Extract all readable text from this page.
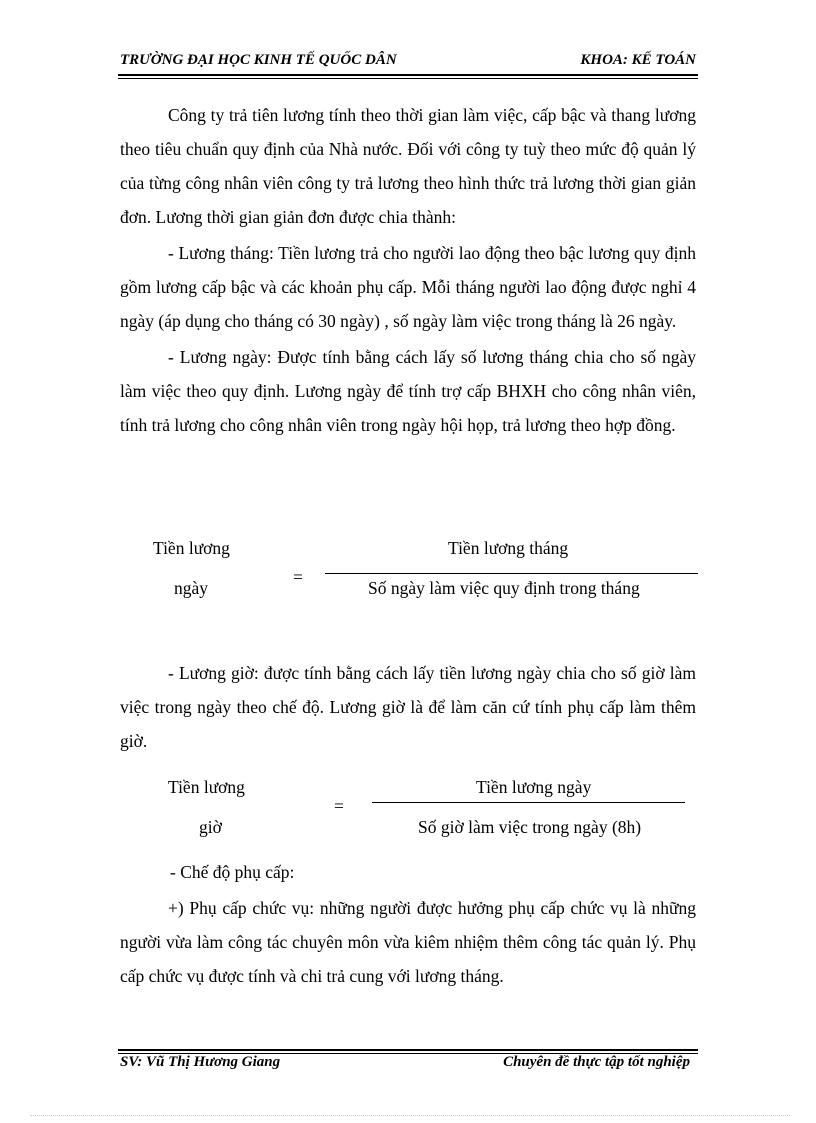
TRƯỜNG ĐẠI HỌC KINH TẾ QUỐC DÂN	KHOA: KẾ TOÁN

Công ty trả tiên lương tính theo thời gian làm việc, cấp bậc và thang lương theo tiêu chuẩn quy định của Nhà nước. Đối với công ty tuỳ theo mức độ quản lý của từng công nhân viên công ty trả lương theo hình thức trả lương thời gian giản đơn. Lương thời gian giản đơn được chia thành:

- Lương tháng: Tiền lương trả cho người lao động theo bậc lương quy định gồm lương cấp bậc và các khoản phụ cấp. Mỗi tháng người lao động được nghỉ 4 ngày (áp dụng cho tháng có 30 ngày) , số ngày làm việc trong tháng là 26 ngày.

- Lương ngày: Được tính bằng cách lấy số lương tháng chia cho số ngày làm việc theo quy định. Lương ngày để tính trợ cấp BHXH cho công nhân viên, tính trả lương cho công nhân viên trong ngày hội họp, trả lương theo hợp đồng.

Tiền lương
ngày
=
Tiền lương tháng
Số ngày làm việc quy định trong tháng

- Lương giờ: được tính bằng cách lấy tiền lương ngày chia cho số giờ làm việc trong ngày theo chế độ. Lương giờ là để làm căn cứ tính phụ cấp làm thêm giờ.

Tiền lương
giờ
=
Tiền lương ngày
Số giờ làm việc trong ngày (8h)

- Chế độ phụ cấp:

+) Phụ cấp chức vụ: những người được hưởng phụ cấp chức vụ là những người vừa làm công tác chuyên môn vừa kiêm nhiệm thêm công tác quản lý. Phụ cấp chức vụ được tính và chi trả cung với lương tháng.

SV: Vũ Thị Hương Giang	Chuyên đề thực tập tốt nghiệp
